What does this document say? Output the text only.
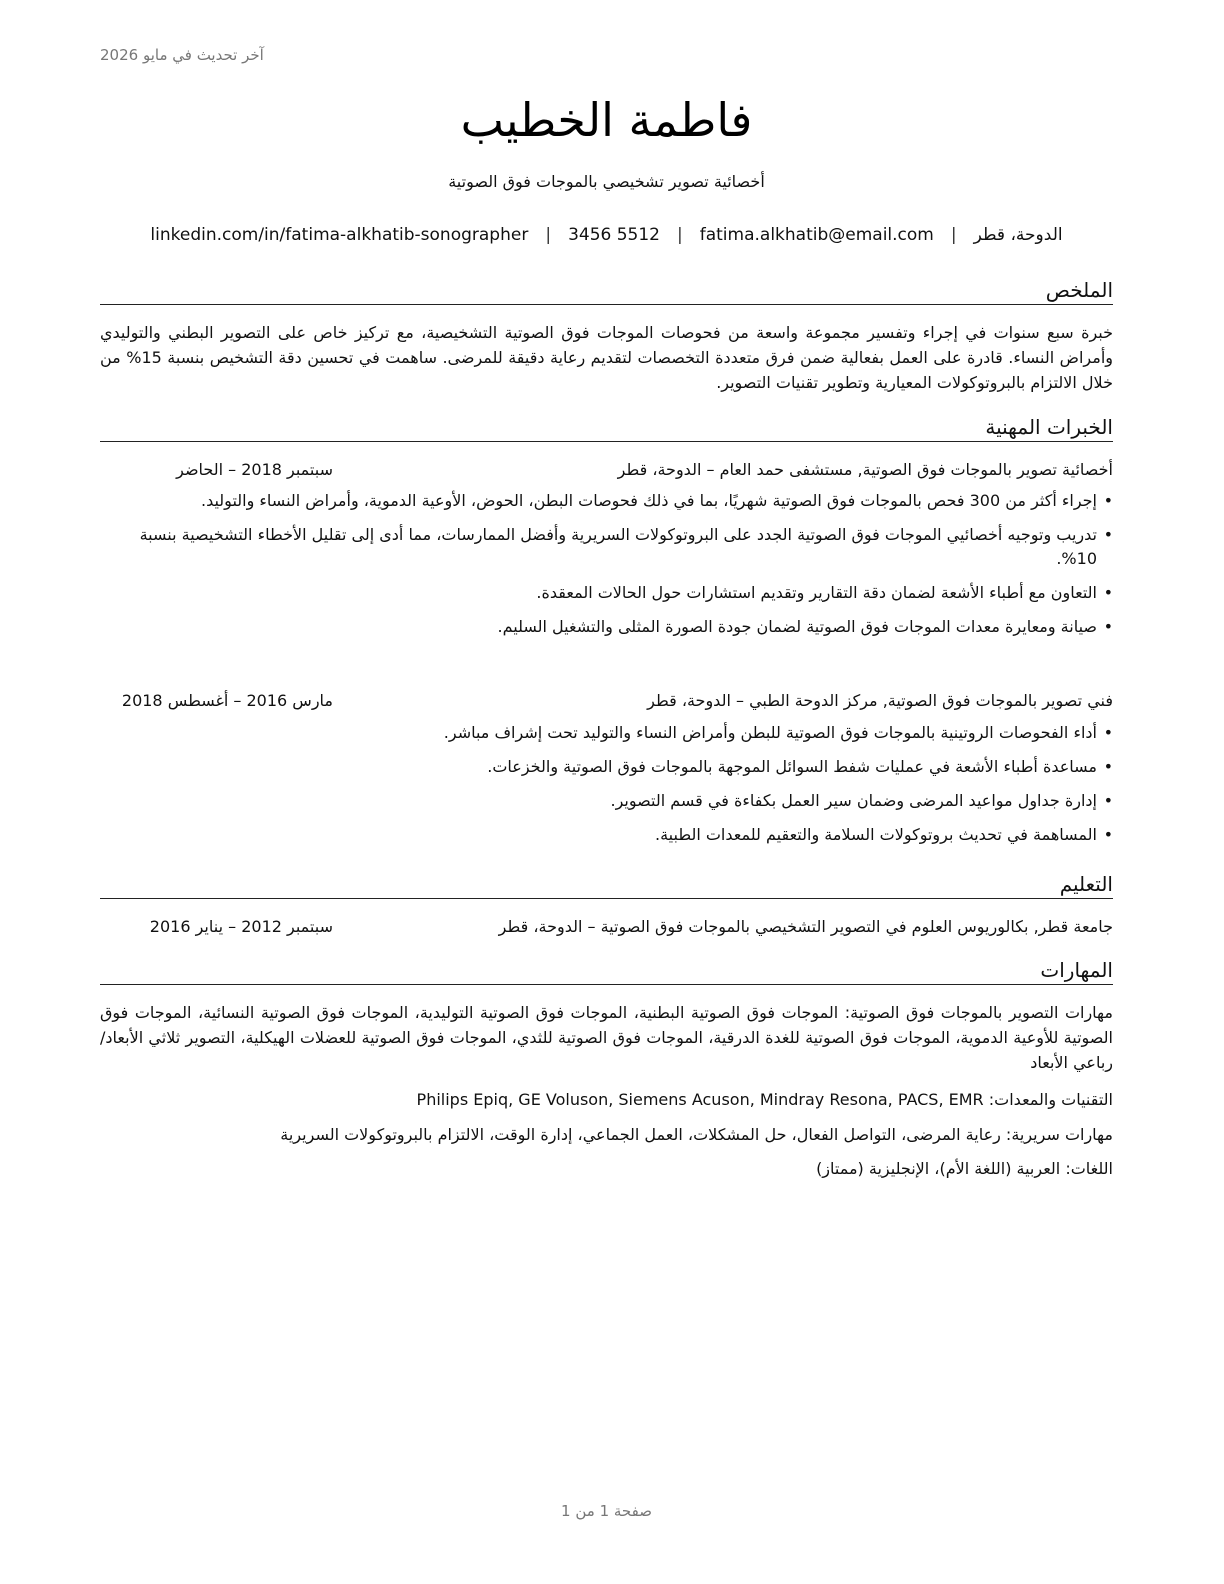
آخر تحديث في مايو 2026
فاطمة الخطيب
أخصائية تصوير تشخيصي بالموجات فوق الصوتية
الدوحة، قطر
|
fatima.alkhatib@email.com
|
3456 5512
|
linkedin.com/in/fatima-alkhatib-sonographer
الملخص
خبرة سبع سنوات في إجراء وتفسير مجموعة واسعة من فحوصات الموجات فوق الصوتية التشخيصية، مع تركيز خاص على التصوير البطني والتوليدي وأمراض النساء. قادرة على العمل بفعالية ضمن فرق متعددة التخصصات لتقديم رعاية دقيقة للمرضى. ساهمت في تحسين دقة التشخيص بنسبة 15% من خلال الالتزام بالبروتوكولات المعيارية وتطوير تقنيات التصوير.
الخبرات المهنية
أخصائية تصوير بالموجات فوق الصوتية, مستشفى حمد العام – الدوحة، قطر
سبتمبر 2018 – الحاضر
• إجراء أكثر من 300 فحص بالموجات فوق الصوتية شهريًا، بما في ذلك فحوصات البطن، الحوض، الأوعية الدموية، وأمراض النساء والتوليد.
• تدريب وتوجيه أخصائيي الموجات فوق الصوتية الجدد على البروتوكولات السريرية وأفضل الممارسات، مما أدى إلى تقليل الأخطاء التشخيصية بنسبة 10%.
• التعاون مع أطباء الأشعة لضمان دقة التقارير وتقديم استشارات حول الحالات المعقدة.
• صيانة ومعايرة معدات الموجات فوق الصوتية لضمان جودة الصورة المثلى والتشغيل السليم.
فني تصوير بالموجات فوق الصوتية, مركز الدوحة الطبي – الدوحة، قطر
مارس 2016 – أغسطس 2018
• أداء الفحوصات الروتينية بالموجات فوق الصوتية للبطن وأمراض النساء والتوليد تحت إشراف مباشر.
• مساعدة أطباء الأشعة في عمليات شفط السوائل الموجهة بالموجات فوق الصوتية والخزعات.
• إدارة جداول مواعيد المرضى وضمان سير العمل بكفاءة في قسم التصوير.
• المساهمة في تحديث بروتوكولات السلامة والتعقيم للمعدات الطبية.
التعليم
جامعة قطر, بكالوريوس العلوم في التصوير التشخيصي بالموجات فوق الصوتية – الدوحة، قطر
سبتمبر 2012 – يناير 2016
المهارات
مهارات التصوير بالموجات فوق الصوتية: الموجات فوق الصوتية البطنية، الموجات فوق الصوتية التوليدية، الموجات فوق الصوتية النسائية، الموجات فوق الصوتية للأوعية الدموية، الموجات فوق الصوتية للغدة الدرقية، الموجات فوق الصوتية للثدي، الموجات فوق الصوتية للعضلات الهيكلية، التصوير ثلاثي الأبعاد/رباعي الأبعاد
التقنيات والمعدات: Philips Epiq, GE Voluson, Siemens Acuson, Mindray Resona, PACS, EMR
مهارات سريرية: رعاية المرضى، التواصل الفعال، حل المشكلات، العمل الجماعي، إدارة الوقت، الالتزام بالبروتوكولات السريرية
اللغات: العربية (اللغة الأم)، الإنجليزية (ممتاز)
صفحة 1 من 1
